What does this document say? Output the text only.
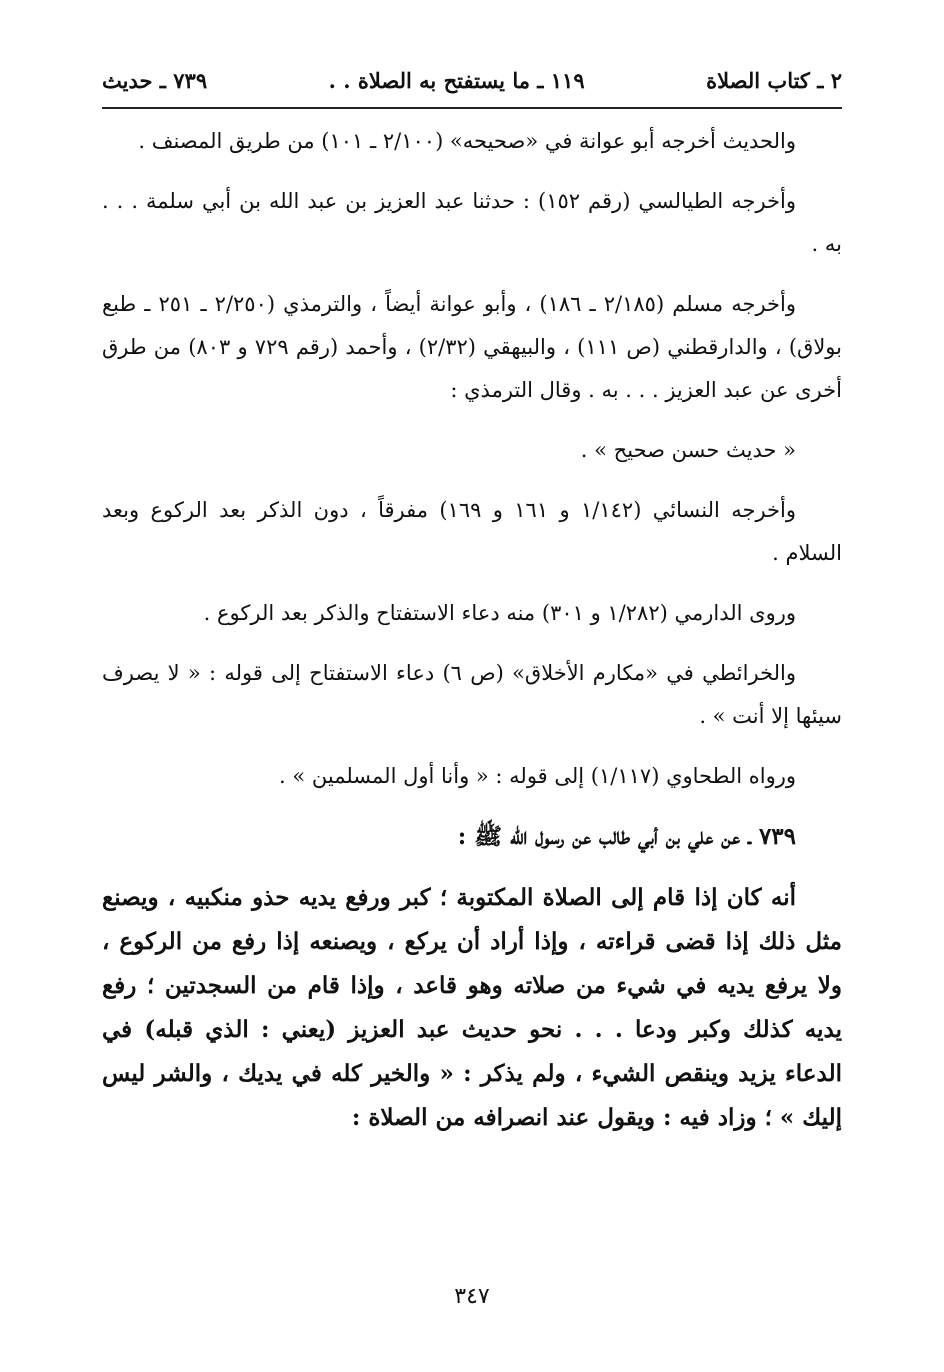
٢ ـ كتاب الصلاة
١١٩ ـ ما يستفتح به الصلاة . .
٧٣٩ ـ حديث

والحديث أخرجه أبو عوانة في «صحيحه» (٢/١٠٠ ـ ١٠١) من طريق المصنف .

وأخرجه الطيالسي (رقم ١٥٢) : حدثنا عبد العزيز بن عبد الله بن أبي سلمة . . . به .

وأخرجه مسلم (٢/١٨٥ ـ ١٨٦) ، وأبو عوانة أيضاً ، والترمذي (٢/٢٥٠ ـ ٢٥١ ـ طبع بولاق) ، والدارقطني (ص ١١١) ، والبيهقي (٢/٣٢) ، وأحمد (رقم ٧٢٩ و ٨٠٣) من طرق أخرى عن عبد العزيز . . . به . وقال الترمذي :

« حديث حسن صحيح » .

وأخرجه النسائي (١/١٤٢ و ١٦١ و ١٦٩) مفرقاً ، دون الذكر بعد الركوع وبعد السلام .

وروى الدارمي (١/٢٨٢ و ٣٠١) منه دعاء الاستفتاح والذكر بعد الركوع .

والخرائطي في «مكارم الأخلاق» (ص ٦) دعاء الاستفتاح إلى قوله : « لا يصرف سيئها إلا أنت » .

ورواه الطحاوي (١/١١٧) إلى قوله : « وأنا أول المسلمين » .

٧٣٩ ـ عن علي بن أبي طالب عن رسول الله ﷺ :

أنه كان إذا قام إلى الصلاة المكتوبة ؛ كبر ورفع يديه حذو منكبيه ، ويصنع مثل ذلك إذا قضى قراءته ، وإذا أراد أن يركع ، ويصنعه إذا رفع من الركوع ، ولا يرفع يديه في شيء من صلاته وهو قاعد ، وإذا قام من السجدتين ؛ رفع يديه كذلك وكبر ودعا . . . نحو حديث عبد العزيز (يعني : الذي قبله) في الدعاء يزيد وينقص الشيء ، ولم يذكر : « والخير كله في يديك ، والشر ليس إليك » ؛ وزاد فيه : ويقول عند انصرافه من الصلاة :

٣٤٧
